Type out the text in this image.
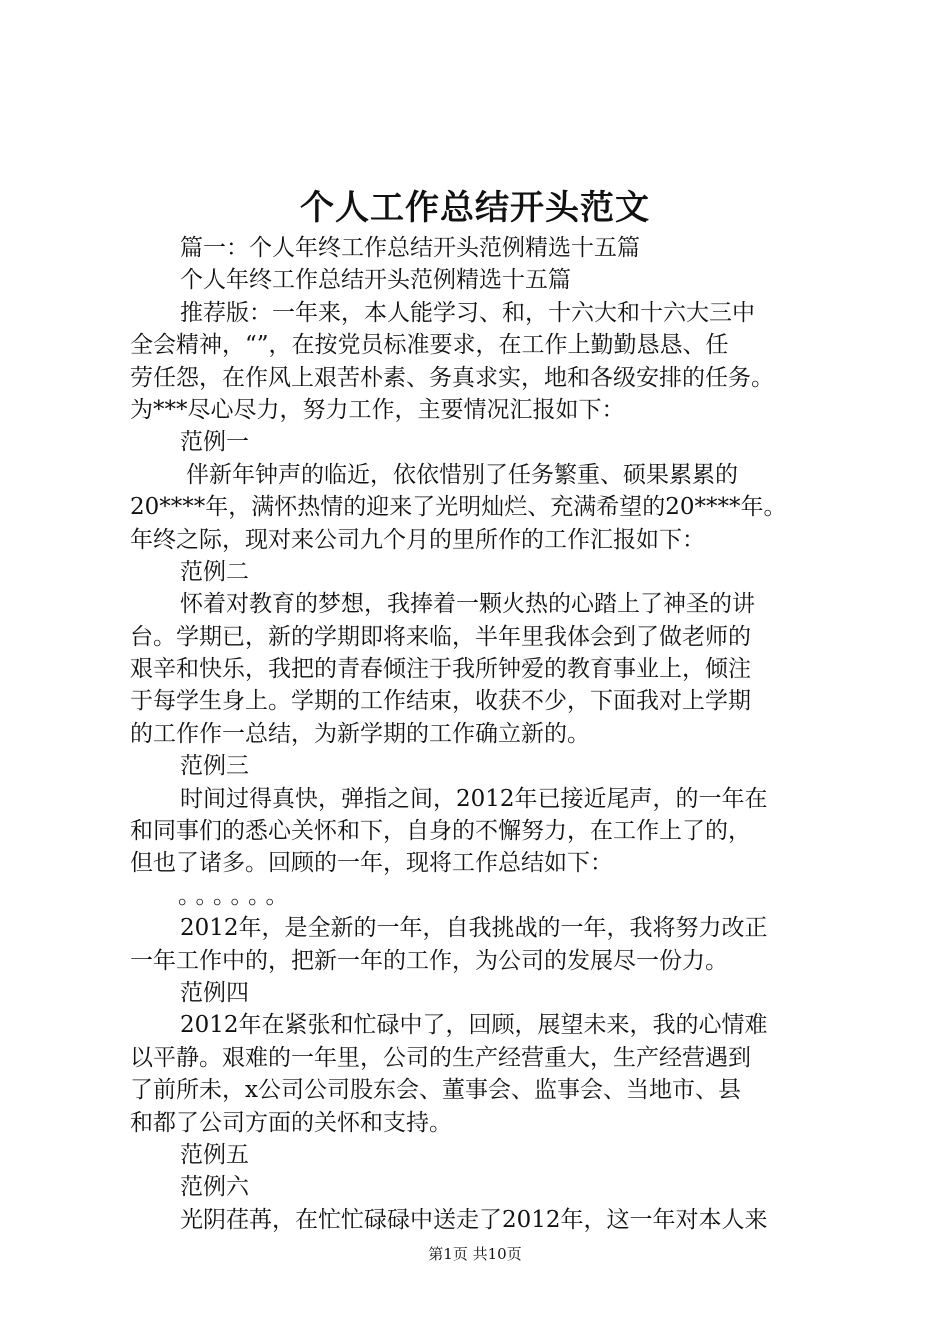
个人工作总结开头范文
篇一：个人年终工作总结开头范例精选十五篇
个人年终工作总结开头范例精选十五篇
推荐版：一年来，本人能学习、和，十六大和十六大三中
全会精神，“”，在按党员标准要求，在工作上勤勤恳恳、任
劳任怨，在作风上艰苦朴素、务真求实，地和各级安排的任务。
为***尽心尽力，努力工作，主要情况汇报如下：
范例一
伴新年钟声的临近，依依惜别了任务繁重、硕果累累的
20****年，满怀热情的迎来了光明灿烂、充满希望的20****年。
年终之际，现对来公司九个月的里所作的工作汇报如下：
范例二
怀着对教育的梦想，我捧着一颗火热的心踏上了神圣的讲
台。学期已，新的学期即将来临，半年里我体会到了做老师的
艰辛和快乐，我把的青春倾注于我所钟爱的教育事业上，倾注
于每学生身上。学期的工作结束，收获不少，下面我对上学期
的工作作一总结，为新学期的工作确立新的。
范例三
时间过得真快，弹指之间，2012年已接近尾声，的一年在
和同事们的悉心关怀和下，自身的不懈努力，在工作上了的，
但也了诸多。回顾的一年，现将工作总结如下：
。。。。。。
2012年，是全新的一年，自我挑战的一年，我将努力改正
一年工作中的，把新一年的工作，为公司的发展尽一份力。
范例四
2012年在紧张和忙碌中了，回顾，展望未来，我的心情难
以平静。艰难的一年里，公司的生产经营重大，生产经营遇到
了前所未，x公司公司股东会、董事会、监事会、当地市、县
和都了公司方面的关怀和支持。
范例五
范例六
光阴荏苒，在忙忙碌碌中送走了2012年，这一年对本人来
第1页 共10页
